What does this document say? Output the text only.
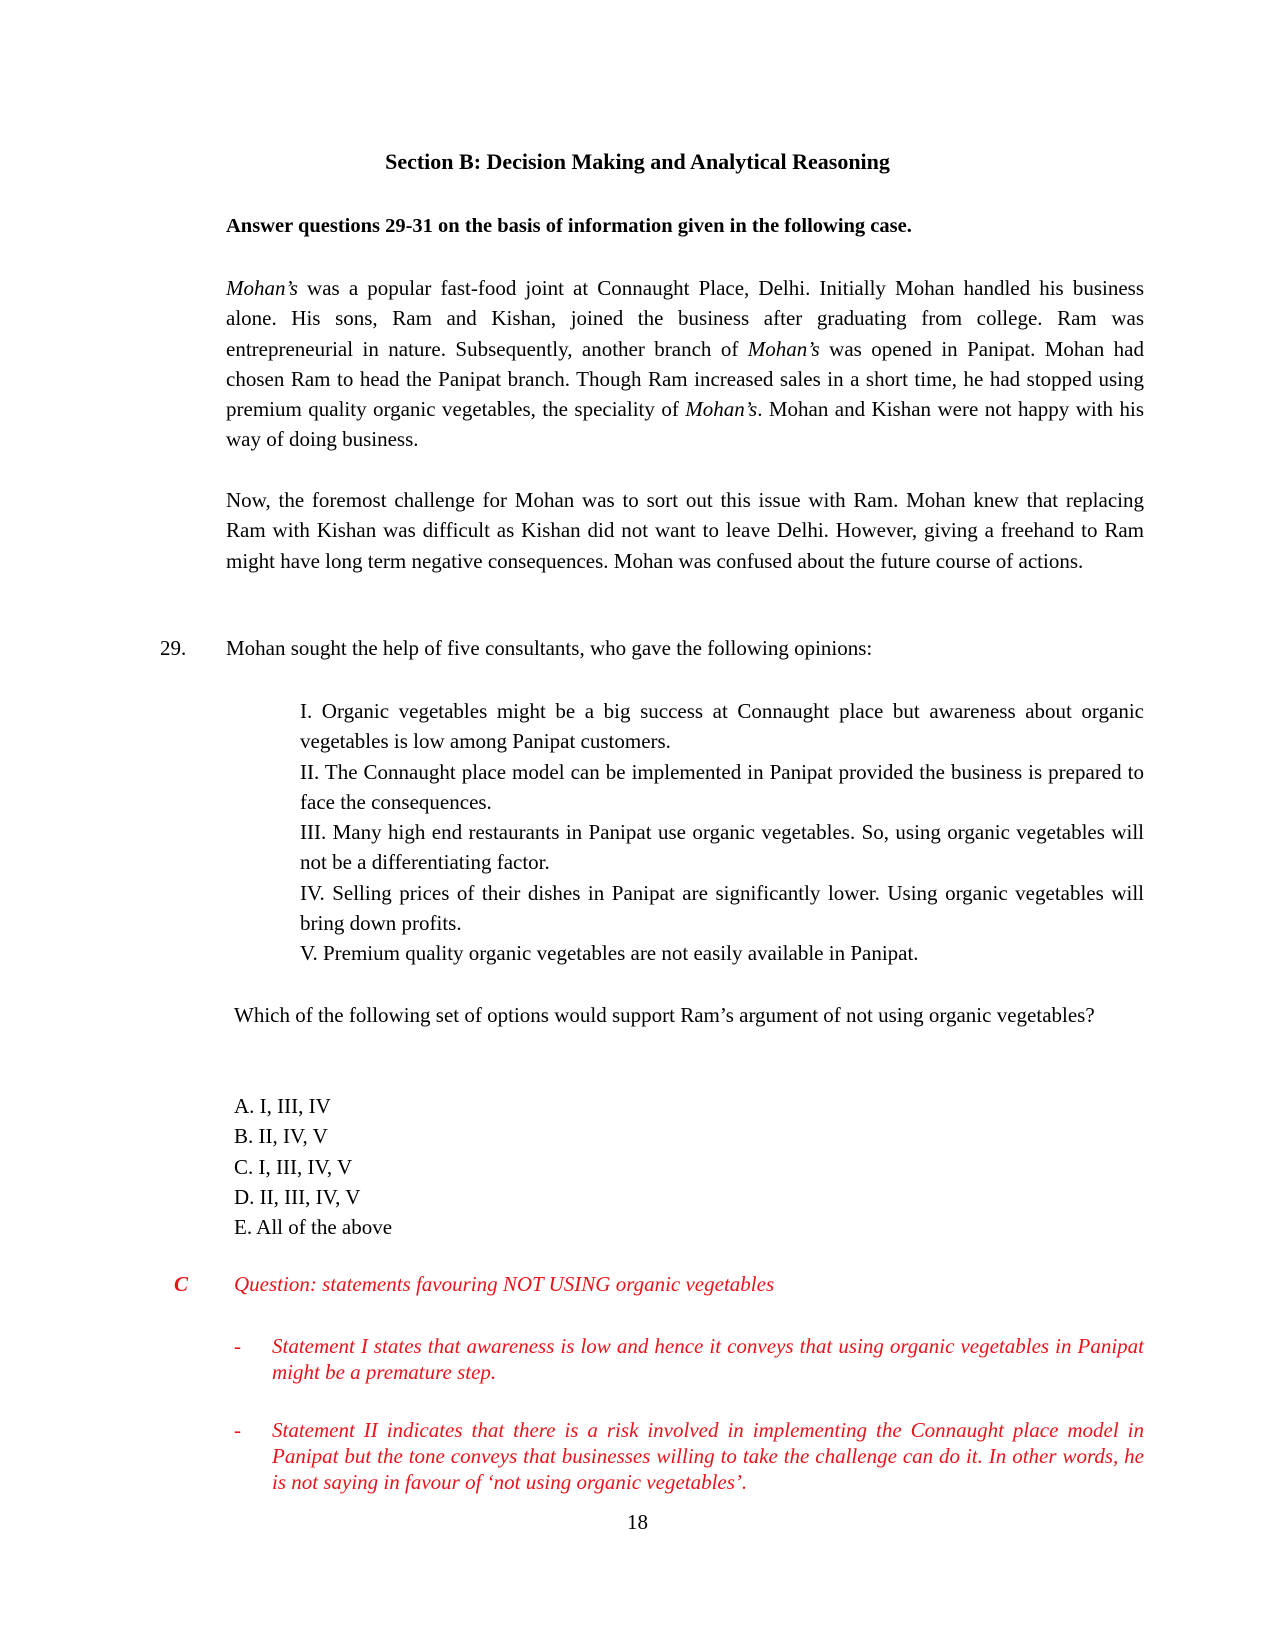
Section B: Decision Making and Analytical Reasoning
Answer questions 29-31 on the basis of information given in the following case.
Mohan’s was a popular fast-food joint at Connaught Place, Delhi. Initially Mohan handled his business alone. His sons, Ram and Kishan, joined the business after graduating from college. Ram was entrepreneurial in nature. Subsequently, another branch of Mohan’s was opened in Panipat. Mohan had chosen Ram to head the Panipat branch. Though Ram increased sales in a short time, he had stopped using premium quality organic vegetables, the speciality of Mohan’s. Mohan and Kishan were not happy with his way of doing business.
Now, the foremost challenge for Mohan was to sort out this issue with Ram. Mohan knew that replacing Ram with Kishan was difficult as Kishan did not want to leave Delhi. However, giving a freehand to Ram might have long term negative consequences. Mohan was confused about the future course of actions.
29. Mohan sought the help of five consultants, who gave the following opinions:
I. Organic vegetables might be a big success at Connaught place but awareness about organic vegetables is low among Panipat customers.
II. The Connaught place model can be implemented in Panipat provided the business is prepared to face the consequences.
III. Many high end restaurants in Panipat use organic vegetables. So, using organic vegetables will not be a differentiating factor.
IV. Selling prices of their dishes in Panipat are significantly lower. Using organic vegetables will bring down profits.
V. Premium quality organic vegetables are not easily available in Panipat.
Which of the following set of options would support Ram’s argument of not using organic vegetables?
A. I, III, IV
B. II, IV, V
C. I, III, IV, V
D. II, III, IV, V
E. All of the above
C Question: statements favouring NOT USING organic vegetables
- Statement I states that awareness is low and hence it conveys that using organic vegetables in Panipat might be a premature step.
- Statement II indicates that there is a risk involved in implementing the Connaught place model in Panipat but the tone conveys that businesses willing to take the challenge can do it. In other words, he is not saying in favour of ‘not using organic vegetables’.
18
